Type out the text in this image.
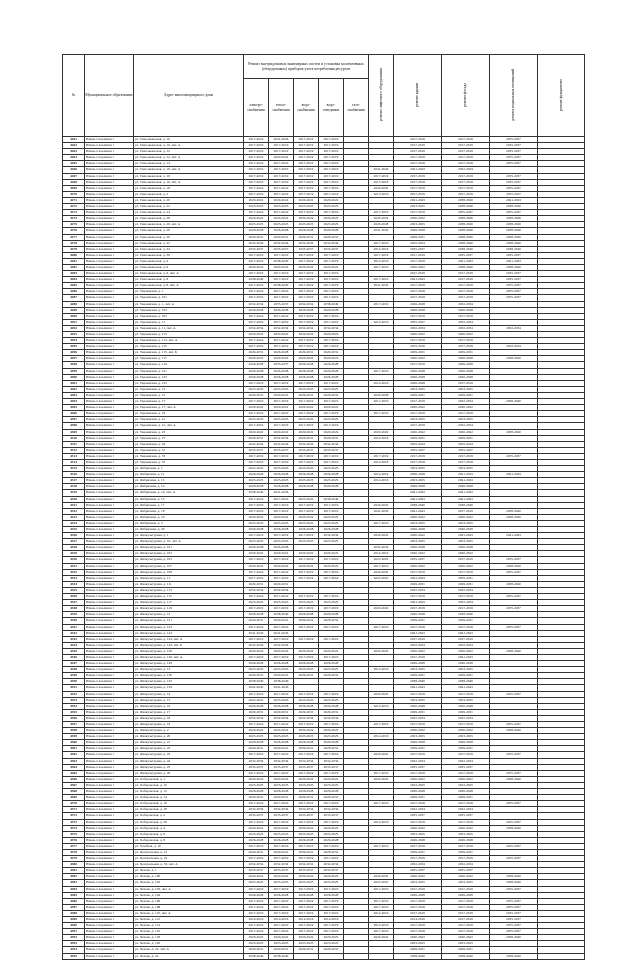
№	Муниципальное образование	Адрес многоквартирного дома	Ремонт внутридомовых инженерных систем и установка коллективных (общедомовых) приборов учета потребления ресурсов					ремонт лифтового оборудования	ремонт крыши	ремонт фасада	ремонт подвальных помещений	ремонт фундамента
			электро-снабжения	тепло-снабжения	водо-снабжения	водо-отведения	газо-снабжения					
4261	Южно-Сахалинск г	ул. Тихоокеанская, д. 10	2017-2019	2041-2043	2017-2019	2017-2019			2017-2019	2017-2019	2035-2037	
4262	Южно-Сахалинск г	ул. Тихоокеанская, д. 10, лит. А	2017-2019	2017-2019	2017-2019	2017-2019			2017-2019	2017-2019	2035-2037	
4263	Южно-Сахалинск г	ул. Тихоокеанская, д. 12	2017-2019	2017-2019	2017-2019	2017-2019			2017-2019	2017-2019	2035-2037	
4264	Южно-Сахалинск г	ул. Тихоокеанская, д. 12, лит. А	2017-2019	2020-2022	2017-2019	2017-2019			2017-2019	2017-2019	2035-2037	
4265	Южно-Сахалинск г	ул. Тихоокеанская, д. 14	2017-2019	2017-2019	2017-2019	2017-2019			2017-2019	2017-2019	2035-2037	
4266	Южно-Сахалинск г	ул. Тихоокеанская, д. 16, лит. А	2017-2019	2017-2019	2017-2019	2017-2019		2041-2043	2041-2043	2032-2034		
4267	Южно-Сахалинск г	ул. Тихоокеанская, д. 16	2017-2019	2017-2019	2017-2019	2017-2019		2017-2019	2017-2019	2017-2019	2035-2037	
4268	Южно-Сахалинск г	ул. Тихоокеанская, д. 16, лит. А	2017-2019	2017-2019	2017-2019	2017-2019		2015-2016	2017-2019	2017-2019	2035-2037	
4269	Южно-Сахалинск г	ул. Тихоокеанская, д. 18	2017-2019	2017-2019	2017-2019	2017-2019		2020-2022	2017-2019	2017-2019	2035-2037	
4270	Южно-Сахалинск г	ул. Тихоокеанская, д. 2	2017-2019	2017-2019	2017-2019	2017-2019		2015-2016	2017-2019	2017-2019	2035-2037	
4271	Южно-Сахалинск г	ул. Тихоокеанская, д. 20	2020-2022	2020-2022	2020-2022	2020-2022			2041-2043	2038-2040	2041-2043	
4272	Южно-Сахалинск г	ул. Тихоокеанская, д. 22	2023-2025	2023-2025	2023-2025	2023-2025			2023-2025	2038-2040	2038-2040	
4273	Южно-Сахалинск г	ул. Тихоокеанская, д. 24	2017-2019	2017-2019	2017-2019	2017-2019		2017-2019	2017-2019	2035-2037	2035-2037	
4274	Южно-Сахалинск г	ул. Тихоокеанская, д. 26	2020-2022	2020-2022	2020-2022	2020-2022		2020-2022	2020-2022	2038-2040	2038-2040	
4275	Южно-Сахалинск г	ул. Тихоокеанская, д. 26, лит. А	2023-2025	2023-2025	2023-2025	2023-2025		2026-2028	2023-2025	2038-2040	2038-2040	
4276	Южно-Сахалинск г	ул. Тихоокеанская, д. 28	2026-2028	2026-2028	2026-2028	2026-2028		2041-2043	2026-2028	2038-2040	2038-2040	
4277	Южно-Сахалинск г	ул. Тихоокеанская, д. 30	2029-2031	2029-2031	2029-2031	2029-2031			2029-2031	2038-2040	2038-2040	
4278	Южно-Сахалинск г	ул. Тихоокеанская, д. 32	2032-2034	2032-2034	2032-2034	2032-2034		2017-2019	2032-2034	2038-2040	2038-2040	
4279	Южно-Сахалинск г	ул. Тихоокеанская, д. 34	2035-2037	2035-2037	2035-2037	2035-2037		2014-2016	2035-2037	2038-2040	2038-2040	
4280	Южно-Сахалинск г	ул. Тихоокеанская, д. 36	2017-2019	2017-2019	2017-2019	2017-2019		2017-2019	2017-2019	2035-2037	2035-2037	
4281	Южно-Сахалинск г	ул. Тихоокеанская, д. 4	2017-2019	2038-2040	2017-2019	2017-2019		2014-2016	2017-2019	2041-2043	2041-2043	
4282	Южно-Сахалинск г	ул. Тихоокеанская, д. 6	2020-2022	2020-2022	2020-2022	2020-2022		2017-2019	2020-2022	2038-2040	2038-2040	
4283	Южно-Сахалинск г	ул. Тихоокеанская, д. 6, лит. А	2017-2019	2017-2019	2017-2019	2017-2019			2017-2019	2017-2019	2035-2037	
4284	Южно-Сахалинск г	ул. Тихоокеанская, д. 8	2038-2040	2017-2019	2017-2019	2017-2019		2017-2019	2041-2043	2017-2019	2035-2037	
4285	Южно-Сахалинск г	ул. Тихоокеанская, д. 8, лит. А	2017-2019	2038-2040	2017-2019	2017-2019		2041-2043	2017-2019	2017-2019	2035-2037	
4286	Южно-Сахалинск г	ул. Украинская, д. 1	2017-2019	2017-2019	2017-2019	2017-2019			2017-2019	2017-2019	2035-2037	
4287	Южно-Сахалинск г	ул. Украинская, д. 101	2017-2019	2017-2019	2017-2019	2017-2019			2017-2019	2017-2019	2035-2037	
4288	Южно-Сахалинск г	ул. Украинская, д. 1, лит. А	2032-2034	2035-2037	2032-2034	2038-2040		2017-2019	2026-2028	2032-2034		
4289	Южно-Сахалинск г	ул. Украинская, д. 103	2026-2028	2026-2028	2026-2028	2026-2028			2026-2028	2026-2028		
4290	Южно-Сахалинск г	ул. Украинская, д. 105	2017-2019	2017-2019	2017-2019	2017-2019			2017-2019	2017-2019		
4291	Южно-Сахалинск г	ул. Украинская, д. 11	2017-2019	2017-2019	2017-2019	2017-2019		2014-2016	2035-2037	2032-2034		
4292	Южно-Сахалинск г	ул. Украинская, д. 11, лит. А	2032-2034	2032-2034	2032-2034	2032-2034			2032-2034	2032-2034	2032-2034	
4293	Южно-Сахалинск г	ул. Украинская, д. 113	2020-2022	2020-2022	2020-2022	2020-2022			2020-2022	2020-2022		
4294	Южно-Сахалинск г	ул. Украинская, д. 113, лит. А	2017-2019	2017-2019	2017-2019	2017-2019			2017-2019	2017-2019		
4295	Южно-Сахалинск г	ул. Украинская, д. 115	2017-2019	2017-2019	2017-2019	2017-2019			2015-2016	2017-2019	2032-2034	
4296	Южно-Сахалинск г	ул. Украинская, д. 115, лит. Б	2029-2031	2026-2028	2029-2031	2029-2031			2029-2031	2029-2031		
4297	Южно-Сахалинск г	ул. Украинская, д. 117	2020-2022	2020-2022	2020-2022	2020-2022			2020-2022	2026-2028	2038-2040	
4298	Южно-Сахалинск г	ул. Украинская, д. 119	2026-2028	2035-2037	2026-2028	2026-2028			2017-2019	2026-2028		
4299	Южно-Сахалинск г	ул. Украинская, д. 121	2026-2028	2026-2028	2026-2028	2026-2028		2017-2019	2026-2028	2026-2028		
4300	Южно-Сахалинск г	ул. Украинская, д. 123	2026-2028	2026-2028	2026-2028	2026-2028			2026-2028	2026-2028		
4301	Южно-Сахалинск г	ул. Украинская, д. 125	2017-2019	2017-2019	2017-2019	2017-2019		2014-2016	2026-2028	2017-2019		
4302	Южно-Сахалинск г	ул. Украинская, д. 13	2023-2025	2023-2025	2023-2025	2023-2025			2023-2025	2023-2025		
4303	Южно-Сахалинск г	ул. Украинская, д. 15	2029-2031	2029-2031	2029-2031	2029-2031		2026-2028	2029-2031	2029-2031		
4304	Южно-Сахалинск г	ул. Украинская, д. 17	2017-2019	2017-2019	2017-2019	2017-2019		2017-2019	2017-2019	2032-2034	2038-2040	
4305	Южно-Сахалинск г	ул. Украинская, д. 17, лит. А	2020-2022	2020-2022	2020-2022	2020-2022			2020-2022	2020-2022		
4306	Южно-Сахалинск г	ул. Украинская, д. 19	2017-2019	2017-2019	2017-2019	2017-2019		2017-2019	2017-2019	2017-2019		
4307	Южно-Сахалинск г	ул. Украинская, д. 21	2023-2025	2023-2025	2023-2025	2023-2025			2023-2025	2023-2025		
4308	Южно-Сахалинск г	ул. Украинская, д. 21, лит. А	2017-2019	2017-2019	2017-2019	2017-2019			2017-2019	2032-2034		
4309	Южно-Сахалинск г	ул. Украинская, д. 23	2020-2022	2020-2022	2020-2022	2020-2022		2020-2022	2020-2022	2020-2022	2038-2040	
4310	Южно-Сахалинск г	ул. Украинская, д. 27	2029-2031	2032-2034	2029-2031	2029-2031		2014-2016	2029-2031	2029-2031		
4311	Южно-Сахалинск г	ул. Украинская, д. 29	2032-2034	2032-2034	2032-2034	2032-2034			2032-2034	2032-2034		
4312	Южно-Сахалинск г	ул. Украинская, д. 31	2035-2037	2035-2037	2035-2037	2035-2037			2035-2037	2035-2037		
4313	Южно-Сахалинск г	ул. Украинская, д. 33	2017-2019	2017-2019	2017-2019	2017-2019		2017-2019	2017-2019	2017-2019	2035-2037	
4314	Южно-Сахалинск г	ул. Украинская, д. 35	2017-2019	2017-2019	2017-2019	2017-2019		2014-2016	2017-2019	2017-2019		
4315	Южно-Сахалинск г	ул. Фабричная, д. 1	2023-2025	2023-2025	2023-2025	2023-2025			2023-2025	2023-2025		
4316	Южно-Сахалинск г	ул. Фабричная, д. 11	2026-2028	2026-2028	2026-2028	2026-2028		2014-2016	2026-2028	2041-2043	2041-2043	
4317	Южно-Сахалинск г	ул. Фабричная, д. 13	2023-2025	2023-2025	2023-2025	2023-2025		2014-2016	2023-2025	2041-2043		
4318	Южно-Сахалинск г	ул. Фабричная, д. 14	2026-2028	2026-2028	2026-2028	2026-2028			2026-2028	2026-2028		
4319	Южно-Сахалинск г	ул. Фабричная, д. 14, лит. А	2038-2040	2041-2043					2041-2043	2041-2043		
4320	Южно-Сахалинск г	ул. Фабричная, д. 15	2017-2019	2017-2019	2023-2025	2038-2040			2041-2043	2041-2043		
4321	Южно-Сахалинск г	ул. Фабричная, д. 17	2017-2019	2017-2019	2017-2019	2017-2019		2020-2022	2038-2040	2038-2040		
4322	Южно-Сахалинск г	ул. Фабричная, д. 18	2017-2019	2017-2019	2017-2019	2017-2019		2041-2043	2041-2043	2017-2019	2038-2040	
4323	Южно-Сахалинск г	ул. Фабричная, д. 19	2020-2022	2020-2022	2020-2022	2020-2022			2020-2022	2020-2022	2038-2040	
4324	Южно-Сахалинск г	ул. Фабричная, д. 2	2023-2025	2023-2025	2023-2025	2023-2025		2017-2019	2023-2025	2023-2025		
4325	Южно-Сахалинск г	ул. Фабричная, д. 20	2026-2028	2026-2028	2026-2028	2026-2028			2026-2028	2026-2028		
4326	Южно-Сахалинск г	ул. Физкультурная, д. 1	2017-2019	2017-2019	2017-2019	2032-2034		2020-2022	2020-2022	2041-2043	2041-2043	
4327	Южно-Сахалинск г	ул. Физкультурная, д. 10, лит. А	2023-2025	2023-2025	2023-2025	2023-2025			2023-2025	2023-2025		
4328	Южно-Сахалинск г	ул. Физкультурная, д. 101	2026-2028	2026-2028				2032-2034	2026-2028	2026-2028		
4329	Южно-Сахалинск г	ул. Физкультурная, д. 103	2020-2022	2020-2022	2020-2022	2020-2022		2014-2016	2020-2022	2020-2022		
4330	Южно-Сахалинск г	ул. Физкультурная, д. 105	2017-2019	2017-2019	2017-2019	2017-2019		2023-2025	2035-2037	2017-2019	2035-2037	
4331	Южно-Сахалинск г	ул. Физкультурная, д. 107	2020-2022	2020-2022	2020-2022	2020-2022		2017-2019	2020-2022	2020-2022	2038-2040	
4332	Южно-Сахалинск г	ул. Физкультурная, д. 109	2017-2019	2017-2019	2017-2019	2017-2019		2020-2022	2017-2019	2017-2019	2035-2037	
4333	Южно-Сахалинск г	ул. Физкультурная, д. 11	2017-2019	2017-2019	2017-2019	2017-2019		2023-2025	2041-2043	2029-2031		
4334	Южно-Сахалинск г	ул. Физкультурная, д. 111	2029-2031	2029-2031					2029-2031	2029-2031	2038-2040	
4335	Южно-Сахалинск г	ул. Физкультурная, д. 113	2032-2034	2032-2034					2032-2034	2032-2034		
4336	Южно-Сахалинск г	ул. Физкультурная, д. 115	2017-2019	2017-2019	2017-2019	2017-2019			2017-2019	2017-2019	2035-2037	
4337	Южно-Сахалинск г	ул. Физкультурная, д. 117	2023-2025	2023-2025	2023-2025	2023-2025			2041-2043	2032-2034		
4338	Южно-Сахалинск г	ул. Физкультурная, д. 119	2017-2019	2017-2019	2017-2019	2017-2019		2020-2022	2017-2019	2017-2019	2035-2037	
4339	Южно-Сахалинск г	ул. Физкультурная, д. 12	2026-2028	2038-2040	2026-2028	2026-2028			2026-2028	2038-2040		
4340	Южно-Сахалинск г	ул. Физкультурная, д. 121	2029-2031	2029-2031	2029-2031	2029-2031			2029-2031	2029-2031		
4341	Южно-Сахалинск г	ул. Физкультурная, д. 123	2017-2019	2017-2019	2017-2019	2017-2019		2017-2019	2017-2019	2017-2019	2035-2037	
4342	Южно-Сахалинск г	ул. Физкультурная, д. 124	2041-2043	2041-2043					2041-2043	2041-2043		
4343	Южно-Сахалинск г	ул. Физкультурная, д. 124, лит. А	2017-2019	2017-2019	2017-2019	2017-2019			2017-2019	2017-2019		
4344	Южно-Сахалинск г	ул. Физкультурная, д. 124, лит. Б	2032-2034	2032-2034					2032-2034	2032-2034		
4345	Южно-Сахалинск г	ул. Физкультурная, д. 126	2020-2022	2020-2022	2020-2022	2020-2022		2020-2022	2020-2022	2020-2022	2038-2040	
4346	Южно-Сахалинск г	ул. Физкультурная, д. 126, лит. А	2017-2019	2017-2019	2017-2019	2017-2019			2017-2019	2041-2043		
4347	Южно-Сахалинск г	ул. Физкультурная, д. 128	2026-2028	2026-2028	2026-2028	2026-2028			2026-2028	2026-2028		
4348	Южно-Сахалинск г	ул. Физкультурная, д. 13	2023-2025	2023-2025	2023-2025	2023-2025		2014-2016	2023-2025	2023-2025		
4349	Южно-Сахалинск г	ул. Физкультурная, д. 130	2029-2031	2029-2031	2029-2031	2029-2031			2029-2031	2029-2031		
4350	Южно-Сахалинск г	ул. Физкультурная, д. 132	2038-2040	2038-2040					2038-2040	2038-2040		
4351	Южно-Сахалинск г	ул. Физкультурная, д. 134	2041-2043	2041-2043					2041-2043	2041-2043		
4352	Южно-Сахалинск г	ул. Физкультурная, д. 14	2017-2019	2017-2019	2017-2019	2017-2019		2020-2022	2017-2019	2017-2019	2035-2037	
4353	Южно-Сахалинск г	ул. Физкультурная, д. 15	2023-2025	2023-2025	2023-2025	2023-2025			2023-2025	2023-2025		
4354	Южно-Сахалинск г	ул. Физкультурная, д. 16	2026-2028	2026-2028	2026-2028	2026-2028		2014-2016	2026-2028	2026-2028		
4355	Южно-Сахалинск г	ул. Физкультурная, д. 17	2029-2031	2029-2031	2029-2031	2029-2031			2029-2031	2029-2031		
4356	Южно-Сахалинск г	ул. Физкультурная, д. 18	2032-2034	2032-2034	2032-2034	2032-2034			2032-2034	2032-2034		
4357	Южно-Сахалинск г	ул. Физкультурная, д. 19	2017-2019	2017-2019	2017-2019	2017-2019		2017-2019	2017-2019	2017-2019	2035-2037	
4358	Южно-Сахалинск г	ул. Физкультурная, д. 2	2020-2022	2020-2022	2020-2022	2020-2022			2020-2022	2020-2022	2038-2040	
4359	Южно-Сахалинск г	ул. Физкультурная, д. 20	2023-2025	2023-2025	2023-2025	2023-2025		2014-2016	2023-2025	2023-2025		
4360	Южно-Сахалинск г	ул. Физкультурная, д. 21	2026-2028	2026-2028	2026-2028	2026-2028			2026-2028	2026-2028		
4361	Южно-Сахалинск г	ул. Физкультурная, д. 22	2029-2031	2029-2031	2029-2031	2029-2031			2029-2031	2029-2031		
4362	Южно-Сахалинск г	ул. Физкультурная, д. 23	2017-2019	2017-2019	2017-2019	2017-2019		2020-2022	2017-2019	2017-2019	2035-2037	
4363	Южно-Сахалинск г	ул. Физкультурная, д. 24	2032-2034	2032-2034	2032-2034	2032-2034			2032-2034	2032-2034		
4364	Южно-Сахалинск г	ул. Физкультурная, д. 25	2035-2037	2035-2037	2035-2037	2035-2037			2035-2037	2035-2037		
4365	Южно-Сахалинск г	ул. Физкультурная, д. 26	2017-2019	2017-2019	2017-2019	2017-2019		2017-2019	2017-2019	2017-2019	2035-2037	
4366	Южно-Сахалинск г	ул. Хабаровская, д. 1	2020-2022	2020-2022	2020-2022	2020-2022		2020-2022	2020-2022	2020-2022	2038-2040	
4367	Южно-Сахалинск г	ул. Хабаровская, д. 10	2023-2025	2023-2025	2023-2025	2023-2025			2023-2025	2023-2025		
4368	Южно-Сахалинск г	ул. Хабаровская, д. 12	2026-2028	2026-2028	2026-2028	2026-2028			2026-2028	2026-2028		
4369	Южно-Сахалинск г	ул. Хабаровская, д. 14	2029-2031	2029-2031	2029-2031	2029-2031			2029-2031	2029-2031		
4370	Южно-Сахалинск г	ул. Хабаровская, д. 16	2017-2019	2017-2019	2017-2019	2017-2019		2017-2019	2017-2019	2017-2019	2035-2037	
4371	Южно-Сахалинск г	ул. Хабаровская, д. 18	2032-2034	2032-2034	2032-2034	2032-2034			2032-2034	2032-2034		
4372	Южно-Сахалинск г	ул. Хабаровская, д. 2	2035-2037	2035-2037	2035-2037	2035-2037			2035-2037	2035-2037		
4373	Южно-Сахалинск г	ул. Хабаровская, д. 20	2017-2019	2017-2019	2017-2019	2017-2019		2014-2016	2017-2019	2017-2019	2035-2037	
4374	Южно-Сахалинск г	ул. Хабаровская, д. 4	2020-2022	2020-2022	2020-2022	2020-2022			2020-2022	2020-2022	2038-2040	
4375	Южно-Сахалинск г	ул. Хабаровская, д. 6	2023-2025	2023-2025	2023-2025	2023-2025			2023-2025	2023-2025		
4376	Южно-Сахалинск г	ул. Хабаровская, д. 8	2026-2028	2026-2028	2026-2028	2026-2028			2026-2028	2026-2028		
4377	Южно-Сахалинск г	ул. Хлебная, д. 10	2017-2019	2017-2019	2017-2019	2017-2019		2017-2019	2017-2019	2017-2019	2035-2037	
4378	Южно-Сахалинск г	ул. Центральная, д. 21	2029-2031	2029-2031	2029-2031	2029-2031			2029-2031	2029-2031		
4379	Южно-Сахалинск г	ул. Центральная, д. 23	2017-2019	2017-2019	2017-2019	2017-2019			2017-2019	2017-2019	2035-2037	
4380	Южно-Сахалинск г	ул. Центральная, д. 33, лит. А	2032-2034	2032-2034	2032-2034	2032-2034			2032-2034	2032-2034		
4381	Южно-Сахалинск г	ул. Чехова, д. 1	2035-2037	2035-2037	2035-2037	2035-2037			2035-2037	2035-2037		
4382	Южно-Сахалинск г	ул. Чехова, д. 100	2020-2022	2020-2022	2020-2022	2020-2022		2020-2022	2020-2022	2020-2022	2038-2040	
4383	Южно-Сахалинск г	ул. Чехова, д. 102	2023-2025	2023-2025	2023-2025	2023-2025		2023-2025	2023-2025	2023-2025	2038-2040	
4384	Южно-Сахалинск г	ул. Чехова, д. 103, лит. А	2017-2019	2017-2019	2017-2019	2017-2019		2017-2019	2017-2019	2017-2019	2035-2037	
4385	Южно-Сахалинск г	ул. Чехова, д. 104	2026-2028	2026-2028	2026-2028	2026-2028			2026-2028	2026-2028		
4386	Южно-Сахалинск г	ул. Чехова, д. 106	2017-2019	2017-2019	2017-2019	2017-2019		2017-2019	2017-2019	2017-2019	2035-2037	
4387	Южно-Сахалинск г	ул. Чехова, д. 108	2017-2019	2017-2019	2017-2019	2017-2019		2017-2019	2017-2019	2017-2019	2035-2037	
4388	Южно-Сахалинск г	ул. Чехова, д. 110, лит. А	2017-2019	2017-2019	2017-2019	2017-2019		2014-2016	2017-2019	2017-2019	2035-2037	
4389	Южно-Сахалинск г	ул. Чехова, д. 112	2014-2016	2014-2016	2014-2016	2014-2016			2014-2016	2017-2019	2035-2037	
4390	Южно-Сахалинск г	ул. Чехова, д. 114	2017-2019	2017-2019	2017-2019	2017-2019		2014-2016	2017-2019	2017-2019	2035-2037	
4391	Южно-Сахалинск г	ул. Чехова, д. 116	2017-2019	2017-2019	2017-2019	2017-2019		2017-2019	2017-2019	2017-2019	2035-2037	
4392	Южно-Сахалинск г	ул. Чехова, д. 118	2020-2022	2020-2022	2020-2022	2020-2022		2020-2022	2020-2022	2020-2022	2038-2040	
4393	Южно-Сахалинск г	ул. Чехова, д. 120	2023-2025	2023-2025	2023-2025	2023-2025			2023-2025	2023-2025		
4394	Южно-Сахалинск г	ул. Чехова, д. 22, лит. А	2029-2031	2029-2031	2029-2031	2029-2031			2029-2031	2029-2031		
4395	Южно-Сахалинск г	ул. Чехова, д. 24	2038-2040	2038-2040					2038-2040	2038-2040	2038-2040	
